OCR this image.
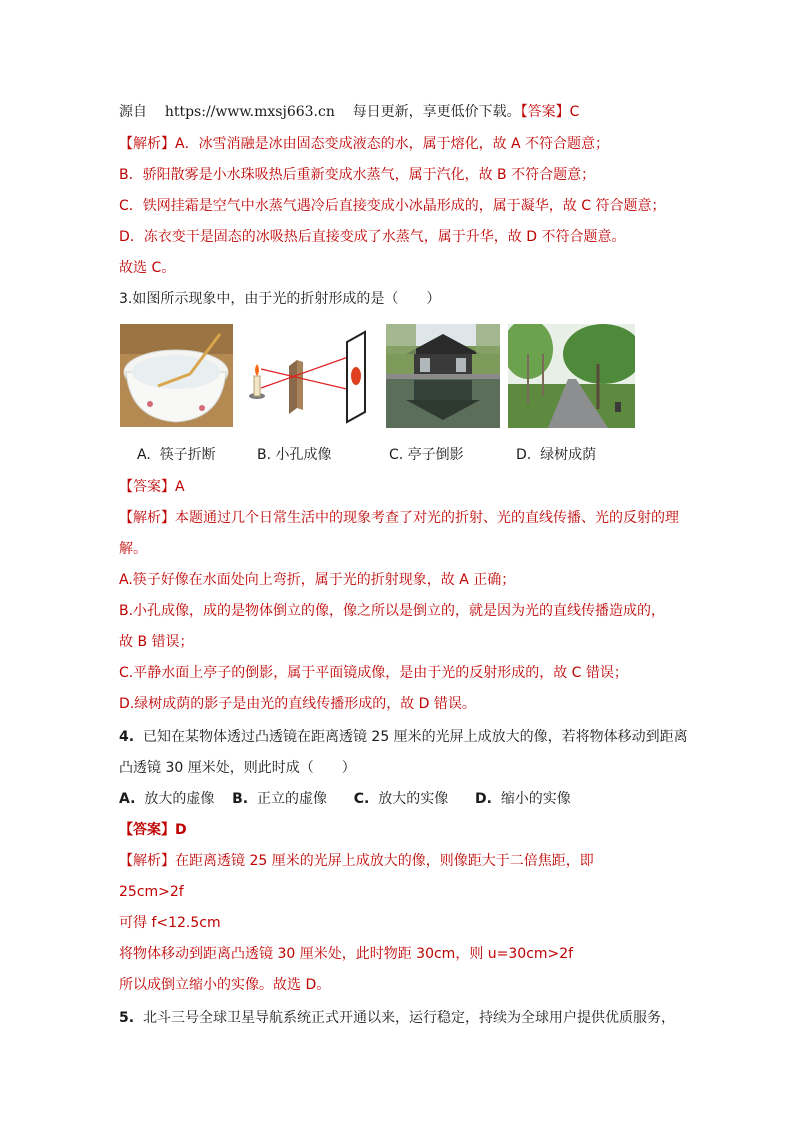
源自 https://www.mxsj663.cn 每日更新，享更低价下载。【答案】C
【解析】A．冰雪消融是冰由固态变成液态的水，属于熔化，故 A 不符合题意；
B．骄阳散雾是小水珠吸热后重新变成水蒸气，属于汽化，故 B 不符合题意；
C．铁网挂霜是空气中水蒸气遇冷后直接变成小冰晶形成的，属于凝华，故 C 符合题意；
D．冻衣变干是固态的冰吸热后直接变成了水蒸气，属于升华，故 D 不符合题意。
故选 C。
3.如图所示现象中，由于光的折射形成的是（　　）
A. 筷子折断	B. 小孔成像	C. 亭子倒影	D. 绿树成荫
【答案】A
【解析】本题通过几个日常生活中的现象考查了对光的折射、光的直线传播、光的反射的理
解。
A.筷子好像在水面处向上弯折，属于光的折射现象，故 A 正确；
B.小孔成像，成的是物体倒立的像，像之所以是倒立的，就是因为光的直线传播造成的，
故 B 错误；
C.平静水面上亭子的倒影，属于平面镜成像，是由于光的反射形成的，故 C 错误；
D.绿树成荫的影子是由光的直线传播形成的，故 D 错误。
4. 已知在某物体透过凸透镜在距离透镜 25 厘米的光屏上成放大的像，若将物体移动到距离
凸透镜 30 厘米处，则此时成（　　）
A. 放大的虚像 B. 正立的虚像 C. 放大的实像 D. 缩小的实像
【答案】D
【解析】在距离透镜 25 厘米的光屏上成放大的像，则像距大于二倍焦距，即
25cm>2f
可得 f<12.5cm
将物体移动到距离凸透镜 30 厘米处，此时物距 30cm，则 u=30cm>2f
所以成倒立缩小的实像。故选 D。
5. 北斗三号全球卫星导航系统正式开通以来，运行稳定，持续为全球用户提供优质服务，
